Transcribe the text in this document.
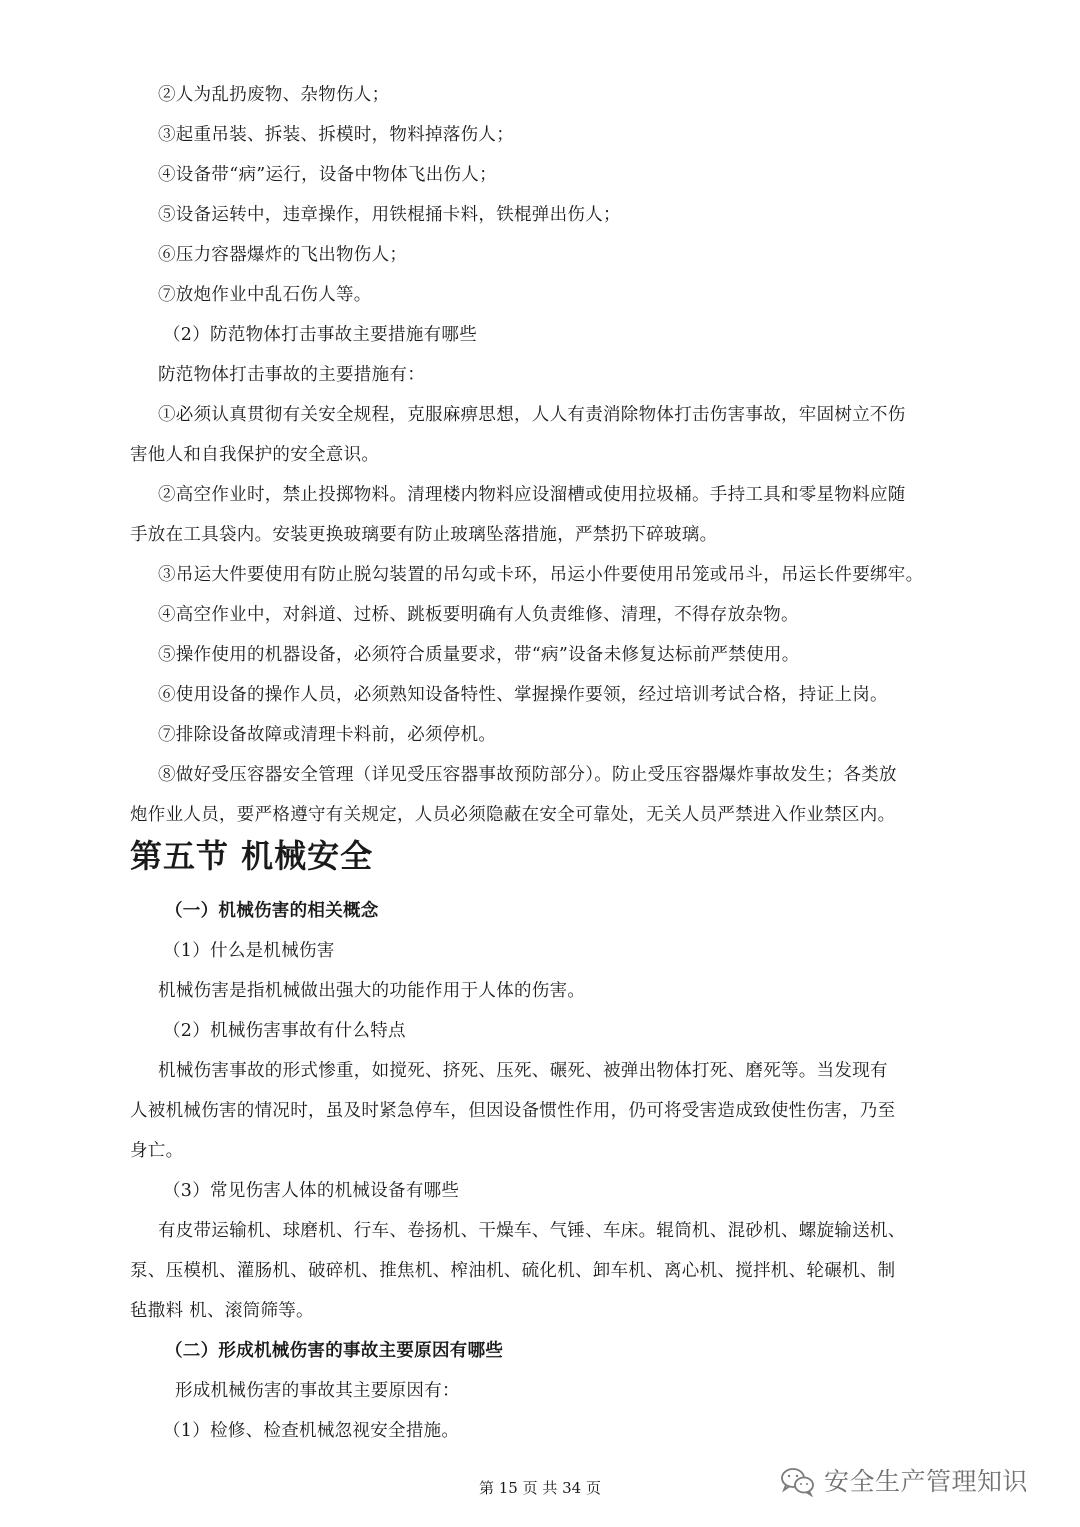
②人为乱扔废物、杂物伤人；
③起重吊装、拆装、拆模时，物料掉落伤人；
④设备带“病”运行，设备中物体飞出伤人；
⑤设备运转中，违章操作，用铁棍捅卡料，铁棍弹出伤人；
⑥压力容器爆炸的飞出物伤人；
⑦放炮作业中乱石伤人等。
（2）防范物体打击事故主要措施有哪些
防范物体打击事故的主要措施有：
①必须认真贯彻有关安全规程，克服麻痹思想，人人有责消除物体打击伤害事故，牢固树立不伤
害他人和自我保护的安全意识。
②高空作业时，禁止投掷物料。清理楼内物料应设溜槽或使用拉圾桶。手持工具和零星物料应随
手放在工具袋内。安装更换玻璃要有防止玻璃坠落措施，严禁扔下碎玻璃。
③吊运大件要使用有防止脱勾装置的吊勾或卡环，吊运小件要使用吊笼或吊斗，吊运长件要绑牢。
④高空作业中，对斜道、过桥、跳板要明确有人负责维修、清理，不得存放杂物。
⑤操作使用的机器设备，必须符合质量要求，带“病”设备未修复达标前严禁使用。
⑥使用设备的操作人员，必须熟知设备特性、掌握操作要领，经过培训考试合格，持证上岗。
⑦排除设备故障或清理卡料前，必须停机。
⑧做好受压容器安全管理（详见受压容器事故预防部分）。防止受压容器爆炸事故发生；各类放
炮作业人员，要严格遵守有关规定，人员必须隐蔽在安全可靠处，无关人员严禁进入作业禁区内。
第五节 机械安全
（一）机械伤害的相关概念
（1）什么是机械伤害
机械伤害是指机械做出强大的功能作用于人体的伤害。
（2）机械伤害事故有什么特点
机械伤害事故的形式惨重，如搅死、挤死、压死、碾死、被弹出物体打死、磨死等。当发现有
人被机械伤害的情况时，虽及时紧急停车，但因设备惯性作用，仍可将受害造成致使性伤害，乃至
身亡。
（3）常见伤害人体的机械设备有哪些
有皮带运输机、球磨机、行车、卷扬机、干燥车、气锤、车床。辊筒机、混砂机、螺旋输送机、
泵、压模机、灌肠机、破碎机、推焦机、榨油机、硫化机、卸车机、离心机、搅拌机、轮碾机、制
毡撒料 机、滚筒筛等。
（二）形成机械伤害的事故主要原因有哪些
形成机械伤害的事故其主要原因有：
（1）检修、检查机械忽视安全措施。
第 15 页 共 34 页	安全生产管理知识
